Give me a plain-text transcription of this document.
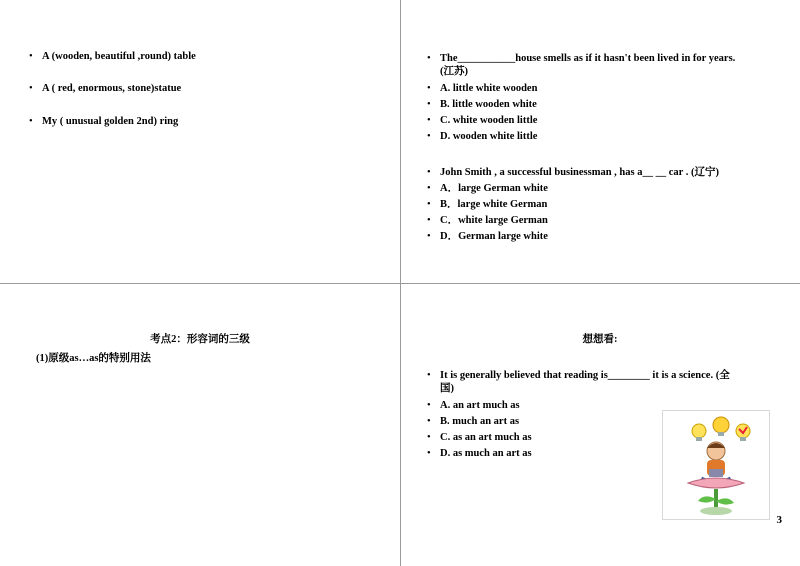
• A (wooden, beautiful ,round) table
• A ( red, enormous, stone)statue
• My ( unusual golden 2nd) ring
• The___________house smells as if it hasn't been lived in for years.
(江苏)
• A. little white wooden
• B. little wooden white
• C. white wooden little
• D. wooden white little
• John Smith , a successful businessman , has a__ __ car . (辽宁)
• A．large German white
• B．large white German
• C．white large German
• D．German large white
考点2：形容词的三级
(1)原级as…as的特别用法
想想看:
• It is generally believed that reading is________ it is a science. (全
国)
• A. an art much as
• B. much an art as
• C. as an art much as
• D. as much an art as
3
